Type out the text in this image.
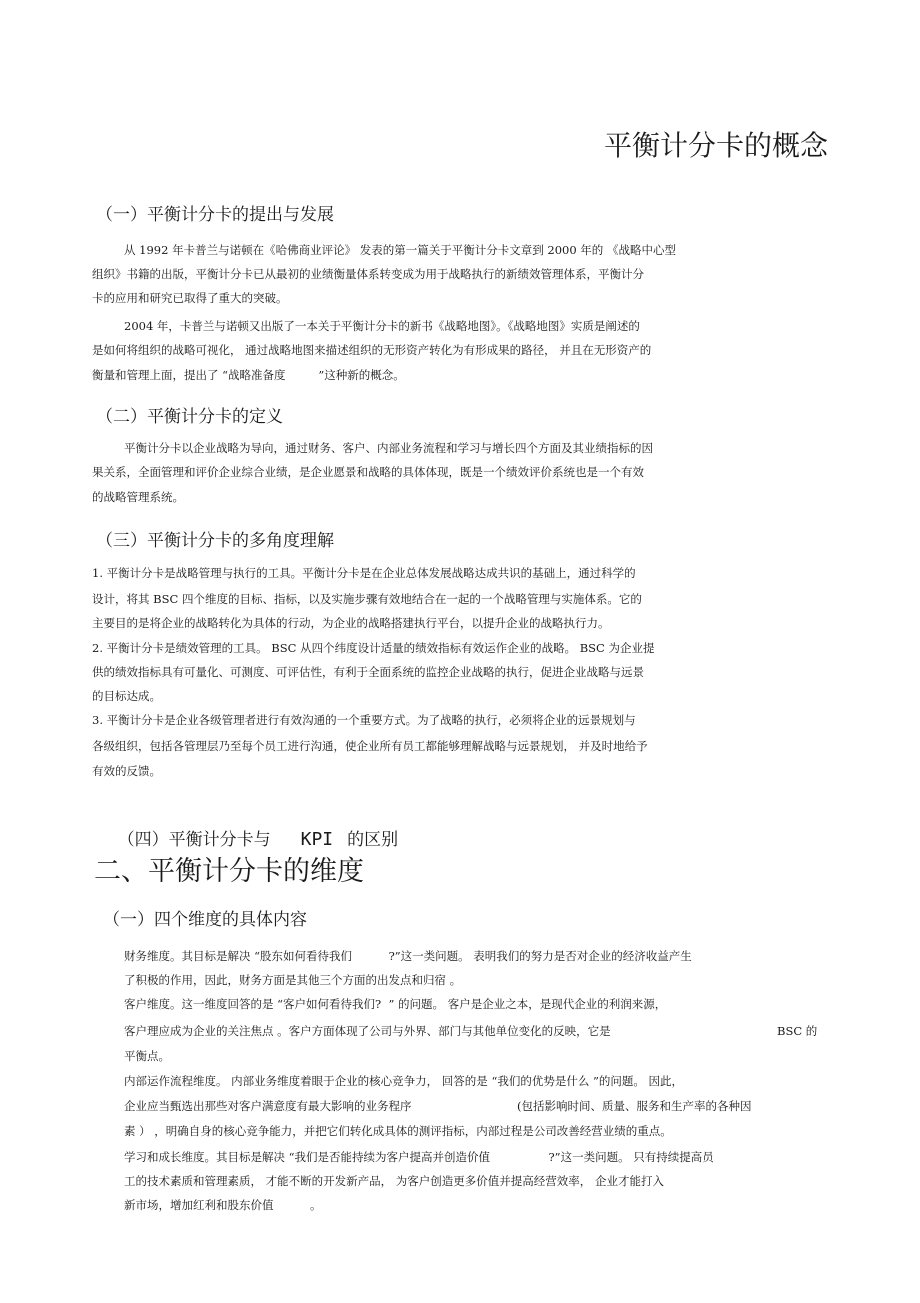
平衡计分卡的概念
（一）平衡计分卡的提出与发展
从 1992 年卡普兰与诺顿在《哈佛商业评论》 发表的第一篇关于平衡计分卡文章到 2000 年的 《战略中心型
组织》书籍的出版，平衡计分卡已从最初的业绩衡量体系转变成为用于战略执行的新绩效管理体系，平衡计分
卡的应用和研究已取得了重大的突破。
2004 年，卡普兰与诺顿又出版了一本关于平衡计分卡的新书《战略地图》。《战略地图》实质是阐述的
是如何将组织的战略可视化， 通过战略地图来描述组织的无形资产转化为有形成果的路径， 并且在无形资产的
衡量和管理上面，提出了 “战略准备度         ”这种新的概念。
（二）平衡计分卡的定义
平衡计分卡以企业战略为导向，通过财务、客户、内部业务流程和学习与增长四个方面及其业绩指标的因
果关系，全面管理和评价企业综合业绩，是企业愿景和战略的具体体现，既是一个绩效评价系统也是一个有效
的战略管理系统。
（三）平衡计分卡的多角度理解
1. 平衡计分卡是战略管理与执行的工具。平衡计分卡是在企业总体发展战略达成共识的基础上，通过科学的
设计，将其 BSC 四个维度的目标、指标，以及实施步骤有效地结合在一起的一个战略管理与实施体系。它的
主要目的是将企业的战略转化为具体的行动，为企业的战略搭建执行平台，以提升企业的战略执行力。
2. 平衡计分卡是绩效管理的工具。 BSC 从四个纬度设计适量的绩效指标有效运作企业的战略。 BSC 为企业提
供的绩效指标具有可量化、可测度、可评估性，有利于全面系统的监控企业战略的执行，促进企业战略与远景
的目标达成。
3. 平衡计分卡是企业各级管理者进行有效沟通的一个重要方式。为了战略的执行，必须将企业的远景规划与
各级组织，包括各管理层乃至每个员工进行沟通，使企业所有员工都能够理解战略与远景规划， 并及时地给予
有效的反馈。

（四）平衡计分卡与 KPI 的区别

二、平衡计分卡的维度
（一）四个维度的具体内容
财务维度。其目标是解决 “股东如何看待我们          ?”这一类问题。 表明我们的努力是否对企业的经济收益产生
了积极的作用，因此，财务方面是其他三个方面的出发点和归宿 。
客户维度。这一维度回答的是 “客户如何看待我们?  ” 的问题。 客户是企业之本，是现代企业的利润来源，
客户理应成为企业的关注焦点 。客户方面体现了公司与外界、部门与其他单位变化的反映，它是	BSC 的
平衡点。
内部运作流程维度。 内部业务维度着眼于企业的核心竞争力， 回答的是 “我们的优势是什么 ”的问题。 因此，
企业应当甄选出那些对客户满意度有最大影响的业务程序	(包括影响时间、质量、服务和生产率的各种因
素 ） ，明确自身的核心竞争能力，并把它们转化成具体的测评指标，内部过程是公司改善经营业绩的重点。
学习和成长维度。其目标是解决 “我们是否能持续为客户提高并创造价值                ?”这一类问题。 只有持续提高员
工的技术素质和管理素质， 才能不断的开发新产品， 为客户创造更多价值并提高经营效率， 企业才能打入
新市场，增加红利和股东价值          。
